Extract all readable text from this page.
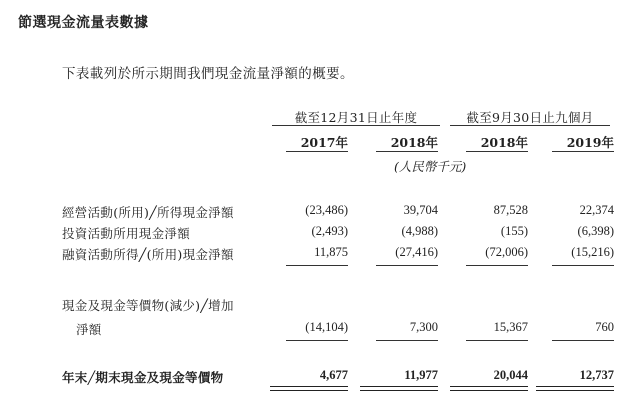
節選現金流量表數據
下表載列於所示期間我們現金流量淨額的概要。
截至12月31日止年度	截至9月30日止九個月
2017年	2018年	2018年	2019年
(人民幣千元)
經營活動(所用)╱所得現金淨額	(23,486)	39,704	87,528	22,374
投資活動所用現金淨額	(2,493)	(4,988)	(155)	(6,398)
融資活動所得╱(所用)現金淨額	11,875	(27,416)	(72,006)	(15,216)
現金及現金等價物(減少)╱增加
淨額	(14,104)	7,300	15,367	760
年末╱期末現金及現金等價物	4,677	11,977	20,044	12,737
